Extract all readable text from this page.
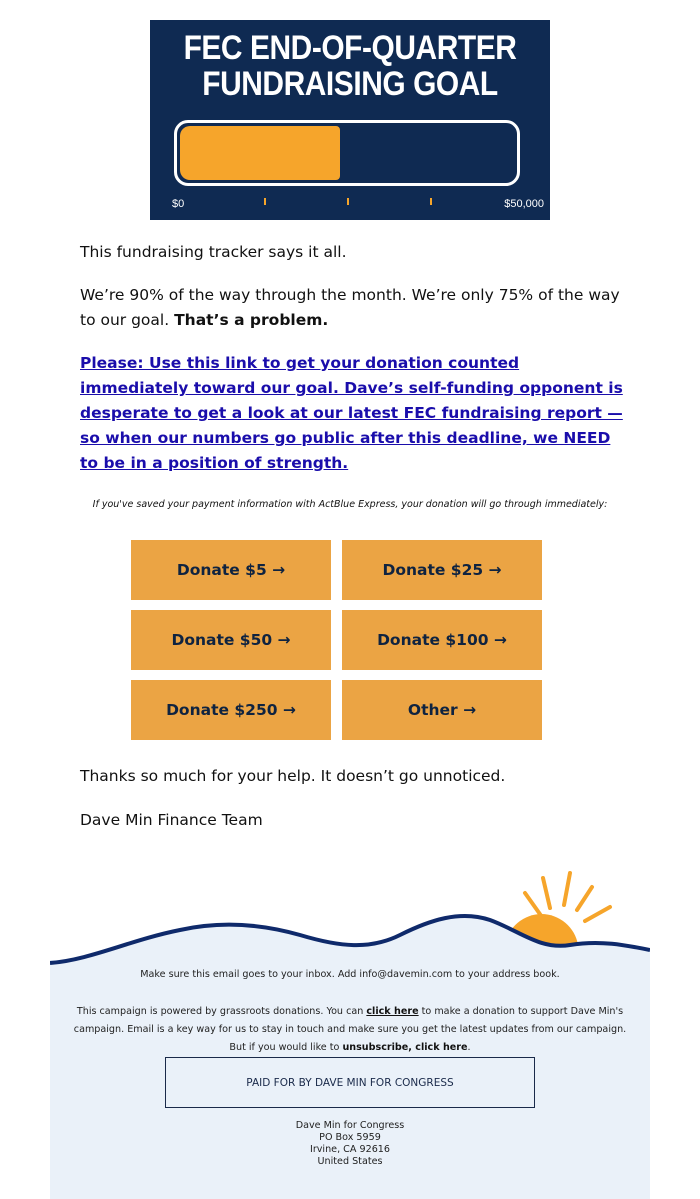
FEC END-OF-QUARTER
FUNDRAISING GOAL
$0	$50,000

This fundraising tracker says it all.

We’re 90% of the way through the month. We’re only 75% of the way to our goal. That’s a problem.

Please: Use this link to get your donation counted immediately toward our goal. Dave’s self-funding opponent is desperate to get a look at our latest FEC fundraising report — so when our numbers go public after this deadline, we NEED to be in a position of strength.

If you've saved your payment information with ActBlue Express, your donation will go through immediately:
Donate $5 →	Donate $25 →
Donate $50 →	Donate $100 →
Donate $250 →	Other →

Thanks so much for your help. It doesn’t go unnoticed.

Dave Min Finance Team

Make sure this email goes to your inbox. Add info@davemin.com to your address book.
This campaign is powered by grassroots donations. You can click here to make a donation to support Dave Min's campaign. Email is a key way for us to stay in touch and make sure you get the latest updates from our campaign. But if you would like to unsubscribe, click here.
PAID FOR BY DAVE MIN FOR CONGRESS
Dave Min for Congress
PO Box 5959
Irvine, CA 92616
United States
